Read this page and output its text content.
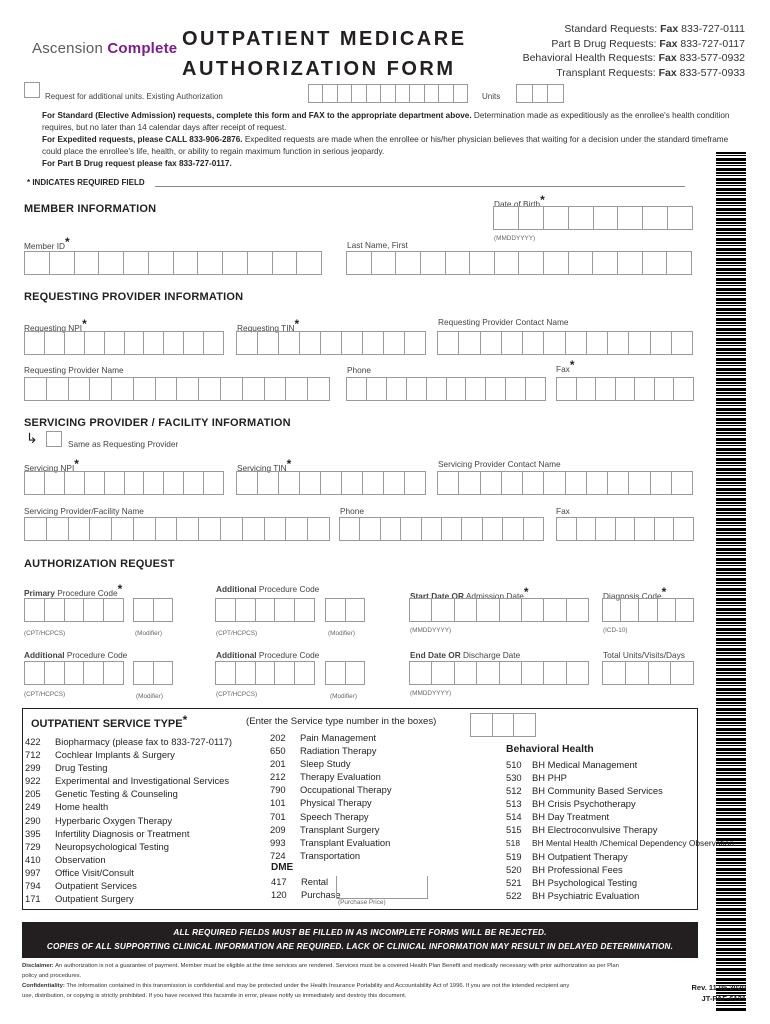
Ascension Complete OUTPATIENT MEDICARE
AUTHORIZATION FORM
Standard Requests: Fax 833-727-0111
Part B Drug Requests: Fax 833-727-0117
Behavioral Health Requests: Fax 833-577-0932
Transplant Requests: Fax 833-577-0933
Request for additional units. Existing Authorization	Units
For Standard (Elective Admission) requests, complete this form and FAX to the appropriate department above. Determination made as expeditiously as the enrollee's health condition requires, but no later than 14 calendar days after receipt of request.
For Expedited requests, please CALL 833-906-2876. Expedited requests are made when the enrollee or his/her physician believes that waiting for a decision under the standard timeframe could place the enrollee's life, health, or ability to regain maximum function in serious jeopardy.
For Part B Drug request please fax 833-727-0117.
* INDICATES REQUIRED FIELD
MEMBER INFORMATION	Date of Birth*
(MMDDYYYY)
Member ID*	Last Name, First
REQUESTING PROVIDER INFORMATION
Requesting NPI*	Requesting TIN*	Requesting Provider Contact Name
Requesting Provider Name	Phone	Fax*
SERVICING PROVIDER / FACILITY INFORMATION
↳	Same as Requesting Provider
Servicing NPI*	Servicing TIN*	Servicing Provider Contact Name
Servicing Provider/Facility Name	Phone	Fax
AUTHORIZATION REQUEST
Primary Procedure Code*
(CPT/HCPCS)	(Modifier)
Additional Procedure Code
(CPT/HCPCS)	(Modifier)
Start Date OR Admission Date*
(MMDDYYYY)
Diagnosis Code*
(ICD-10)
Additional Procedure Code
(CPT/HCPCS)	(Modifier)
Additional Procedure Code
(CPT/HCPCS)	(Modifier)
End Date OR Discharge Date
(MMDDYYYY)
Total Units/Visits/Days
OUTPATIENT SERVICE TYPE*	(Enter the Service type number in the boxes)
422 Biopharmacy (please fax to 833-727-0117)
712 Cochlear Implants & Surgery
299 Drug Testing
922 Experimental and Investigational Services
205 Genetic Testing & Counseling
249 Home health
290 Hyperbaric Oxygen Therapy
395 Infertility Diagnosis or Treatment
729 Neuropsychological Testing
410 Observation
997 Office Visit/Consult
794 Outpatient Services
171 Outpatient Surgery
202 Pain Management
650 Radiation Therapy
201 Sleep Study
212 Therapy Evaluation
790 Occupational Therapy
101 Physical Therapy
701 Speech Therapy
209 Transplant Surgery
993 Transplant Evaluation
724 Transportation
DME
417 Rental
120 Purchase
(Purchase Price)
Behavioral Health
510 BH Medical Management
530 BH PHP
512 BH Community Based Services
513 BH Crisis Psychotherapy
514 BH Day Treatment
515 BH Electroconvulsive Therapy
518 BH Mental Health /Chemical Dependency Observation
519 BH Outpatient Therapy
520 BH Professional Fees
521 BH Psychological Testing
522 BH Psychiatric Evaluation
ALL REQUIRED FIELDS MUST BE FILLED IN AS INCOMPLETE FORMS WILL BE REJECTED.
COPIES OF ALL SUPPORTING CLINICAL INFORMATION ARE REQUIRED. LACK OF CLINICAL INFORMATION MAY RESULT IN DELAYED DETERMINATION.
Disclaimer: An authorization is not a guarantee of payment. Member must be eligible at the time services are rendered. Services must be a covered Health Plan Benefit and medically necessary with prior authorization as per Plan policy and procedures.
Confidentiality: The information contained in this transmission is confidential and may be protected under the Health Insurance Portability and Accountability Act of 1996. If you are not the intended recipient any use, distribution, or copying is strictly prohibited. If you have received this facsimile in error, please notify us immediately and destroy this document.
Rev. 11 05 2020
JT-PAF-6121
